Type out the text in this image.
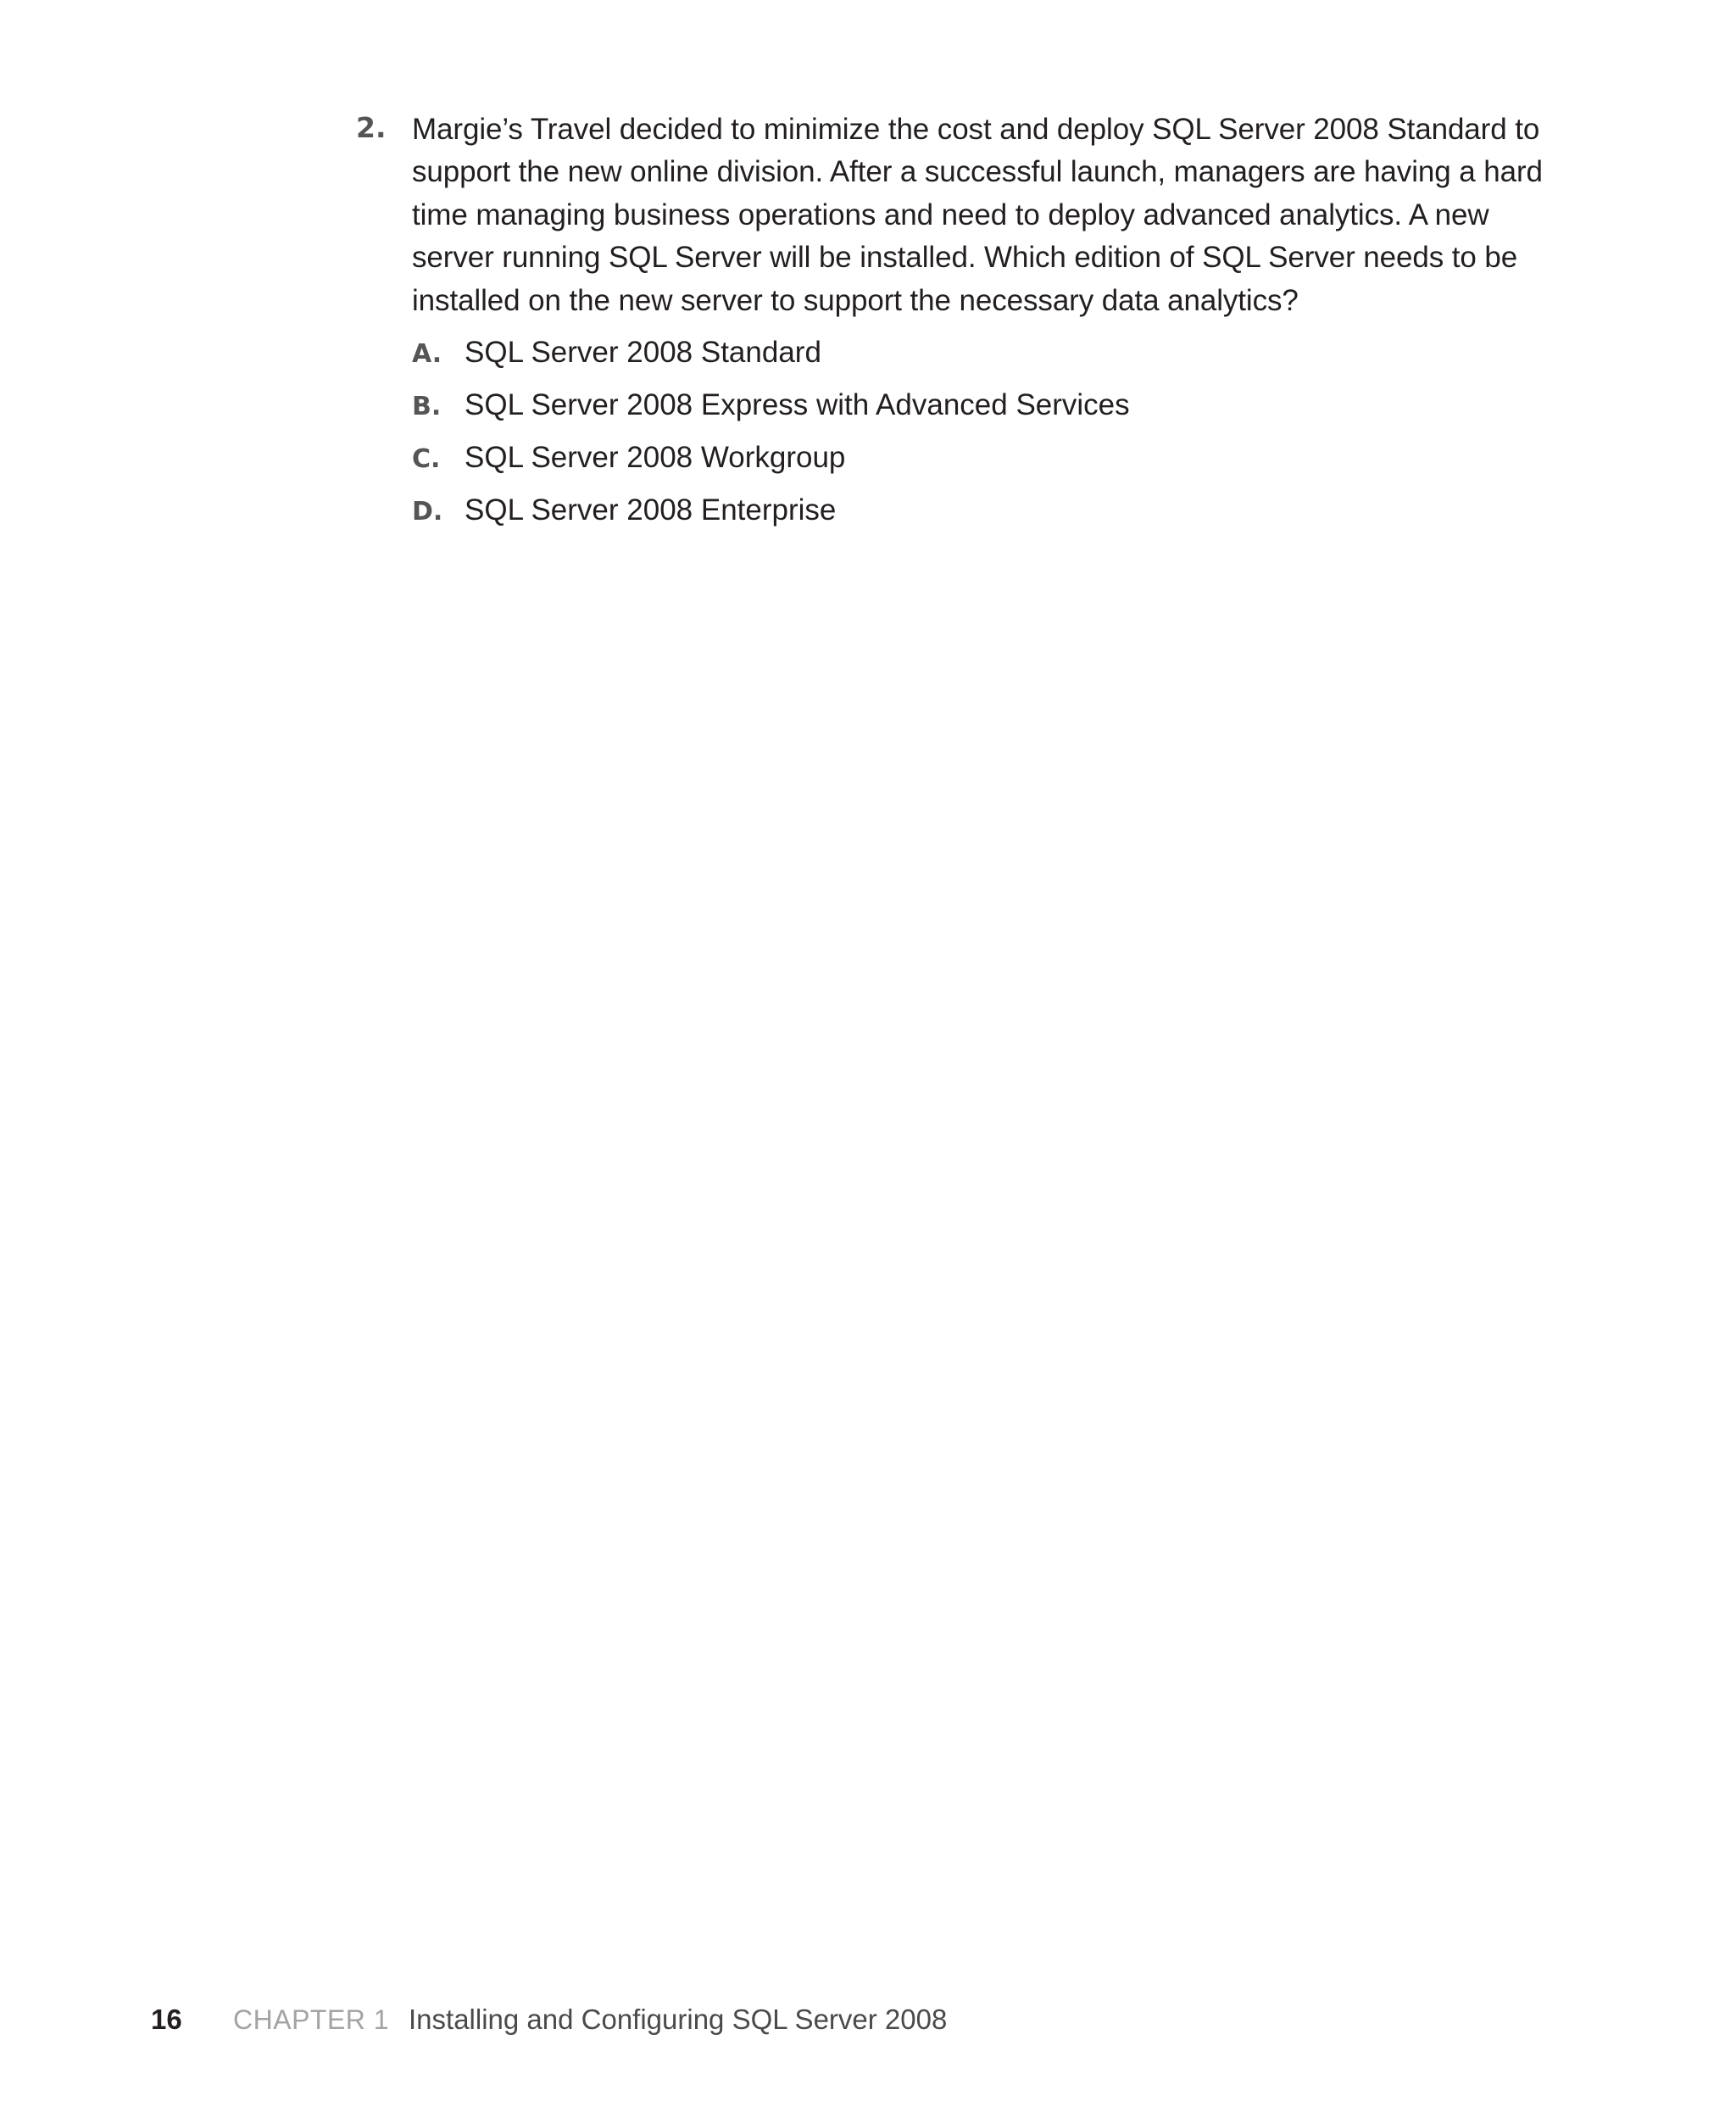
2. Margie’s Travel decided to minimize the cost and deploy SQL Server 2008 Standard to support the new online division. After a successful launch, managers are having a hard time managing business operations and need to deploy advanced analytics. A new server running SQL Server will be installed. Which edition of SQL Server needs to be installed on the new server to support the necessary data analytics?

A. SQL Server 2008 Standard
B. SQL Server 2008 Express with Advanced Services
C. SQL Server 2008 Workgroup
D. SQL Server 2008 Enterprise
16 CHAPTER 1 Installing and Configuring SQL Server 2008
